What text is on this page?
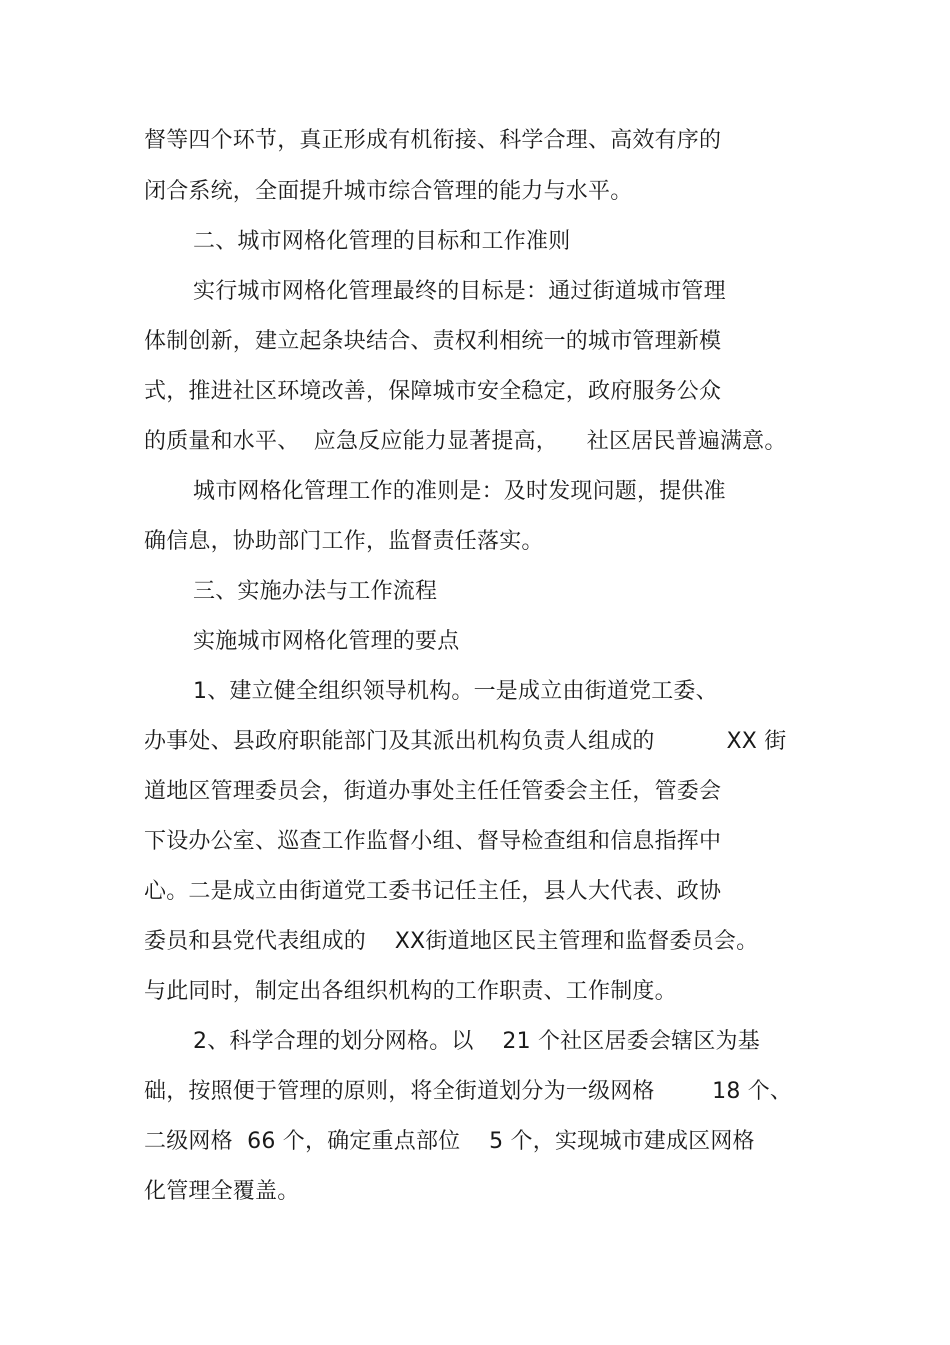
督等四个环节，真正形成有机衔接、科学合理、高效有序的
闭合系统，全面提升城市综合管理的能力与水平。
二、城市网格化管理的目标和工作准则
实行城市网格化管理最终的目标是：通过街道城市管理
体制创新，建立起条块结合、责权利相统一的城市管理新模
式，推进社区环境改善，保障城市安全稳定，政府服务公众
的质量和水平、  应急反应能力显著提高，    社区居民普遍满意。
城市网格化管理工作的准则是：及时发现问题，提供准
确信息，协助部门工作，监督责任落实。
三、实施办法与工作流程
实施城市网格化管理的要点
1、建立健全组织领导机构。一是成立由街道党工委、
办事处、县政府职能部门及其派出机构负责人组成的          XX 街
道地区管理委员会，街道办事处主任任管委会主任，管委会
下设办公室、巡查工作监督小组、督导检查组和信息指挥中
心。二是成立由街道党工委书记任主任，县人大代表、政协
委员和县党代表组成的    XX街道地区民主管理和监督委员会。
与此同时，制定出各组织机构的工作职责、工作制度。
2、科学合理的划分网格。以    21 个社区居委会辖区为基
础，按照便于管理的原则，将全街道划分为一级网格        18 个、
二级网格  66 个，确定重点部位    5 个，实现城市建成区网格
化管理全覆盖。
